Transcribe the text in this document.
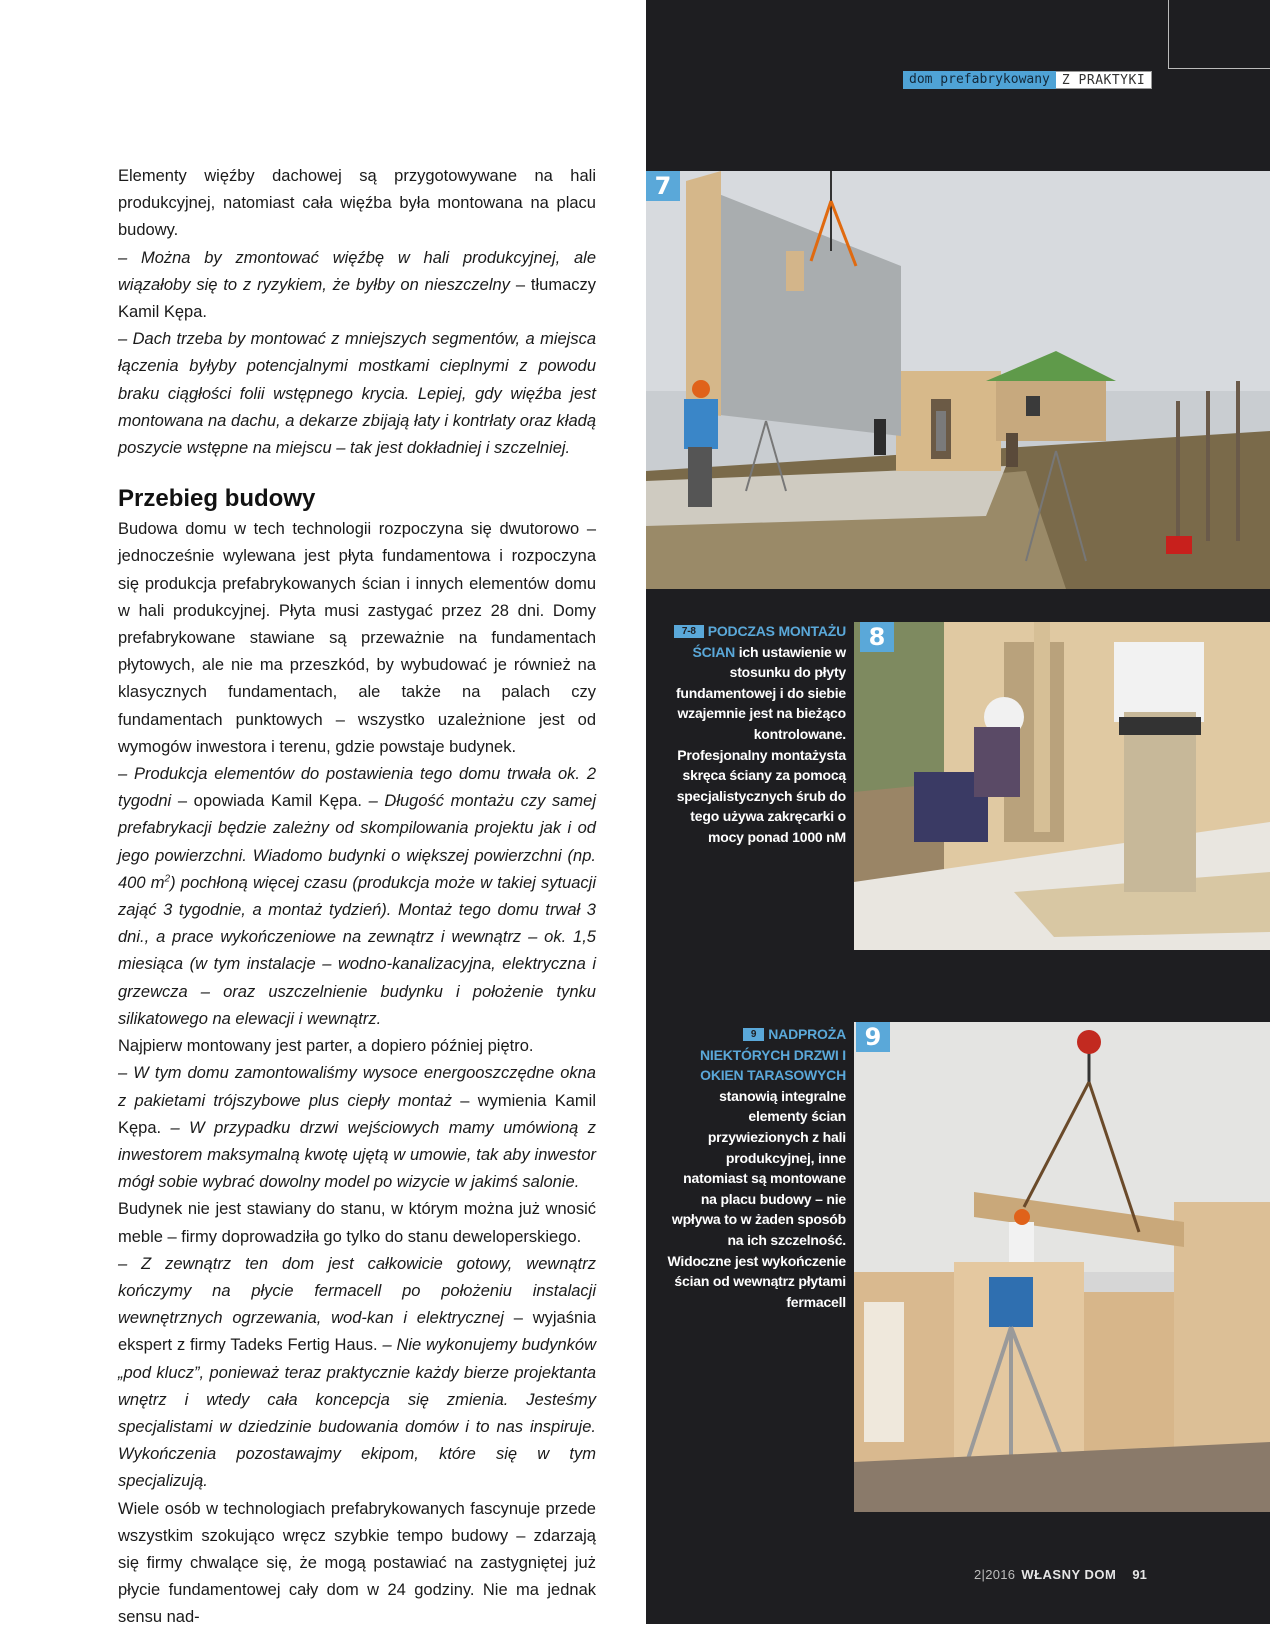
dom prefabrykowany Z PRAKTYKI

Elementy więźby dachowej są przygotowywane na hali produkcyjnej, natomiast cała więźba była montowana na placu budowy.

– Można by zmontować więźbę w hali produkcyjnej, ale wiązałoby się to z ryzykiem, że byłby on nieszczelny – tłumaczy Kamil Kępa.

– Dach trzeba by montować z mniejszych segmentów, a miejsca łączenia byłyby potencjalnymi mostkami cieplnymi z powodu braku ciągłości folii wstępnego krycia. Lepiej, gdy więźba jest montowana na dachu, a dekarze zbijają łaty i kontrłaty oraz kładą poszycie wstępne na miejscu – tak jest dokładniej i szczelniej.

Przebieg budowy

Budowa domu w tech technologii rozpoczyna się dwutorowo – jednocześnie wylewana jest płyta fundamentowa i rozpoczyna się produkcja prefabrykowanych ścian i innych elementów domu w hali produkcyjnej. Płyta musi zastygać przez 28 dni. Domy prefabrykowane stawiane są przeważnie na fundamentach płytowych, ale nie ma przeszkód, by wybudować je również na klasycznych fundamentach, ale także na palach czy fundamentach punktowych – wszystko uzależnione jest od wymogów inwestora i terenu, gdzie powstaje budynek.

– Produkcja elementów do postawienia tego domu trwała ok. 2 tygodni – opowiada Kamil Kępa. – Długość montażu czy samej prefabrykacji będzie zależny od skompilowania projektu jak i od jego powierzchni. Wiadomo budynki o większej powierzchni (np. 400 $m^2$) pochłoną więcej czasu (produkcja może w takiej sytuacji zająć 3 tygodnie, a montaż tydzień). Montaż tego domu trwał 3 dni., a prace wykończeniowe na zewnątrz i wewnątrz – ok. 1,5 miesiąca (w tym instalacje – wodno-kanalizacyjna, elektryczna i grzewcza – oraz uszczelnienie budynku i położenie tynku silikatowego na elewacji i wewnątrz.

Najpierw montowany jest parter, a dopiero później piętro.

– W tym domu zamontowaliśmy wysoce energooszczędne okna z pakietami trójszybowe plus ciepły montaż – wymienia Kamil Kępa. – W przypadku drzwi wejściowych mamy umówioną z inwestorem maksymalną kwotę ujętą w umowie, tak aby inwestor mógł sobie wybrać dowolny model po wizycie w jakimś salonie.

Budynek nie jest stawiany do stanu, w którym można już wnosić meble – firmy doprowadziła go tylko do stanu deweloperskiego.

– Z zewnątrz ten dom jest całkowicie gotowy, wewnątrz kończymy na płycie fermacell po położeniu instalacji wewnętrznych ogrzewania, wod-kan i elektrycznej – wyjaśnia ekspert z firmy Tadeks Fertig Haus. – Nie wykonujemy budynków „pod klucz”, ponieważ teraz praktycznie każdy bierze projektanta wnętrz i wtedy cała koncepcja się zmienia. Jesteśmy specjalistami w dziedzinie budowania domów i to nas inspiruje. Wykończenia pozostawajmy ekipom, które się w tym specjalizują.

Wiele osób w technologiach prefabrykowanych fascynuje przede wszystkim szokująco wręcz szybkie tempo budowy – zdarzają się firmy chwalące się, że mogą postawiać na zastygniętej już płycie fundamentowej cały dom w 24 godziny. Nie ma jednak sensu nad-

7
8
9
7-8 PODCZAS MONTAŻU ŚCIAN ich ustawienie w stosunku do płyty fundamentowej i do siebie wzajemnie jest na bieżąco kontrolowane. Profesjonalny montażysta skręca ściany za pomocą specjalistycznych śrub do tego używa zakręcarki o mocy ponad 1000 nM
9 NADPROŻA NIEKTÓRYCH DRZWI I OKIEN TARASOWYCH stanowią integralne elementy ścian przywiezionych z hali produkcyjnej, inne natomiast są montowane na placu budowy – nie wpływa to w żaden sposób na ich szczelność. Widoczne jest wykończenie ścian od wewnątrz płytami fermacell
2|2016 WŁASNY DOM 91
